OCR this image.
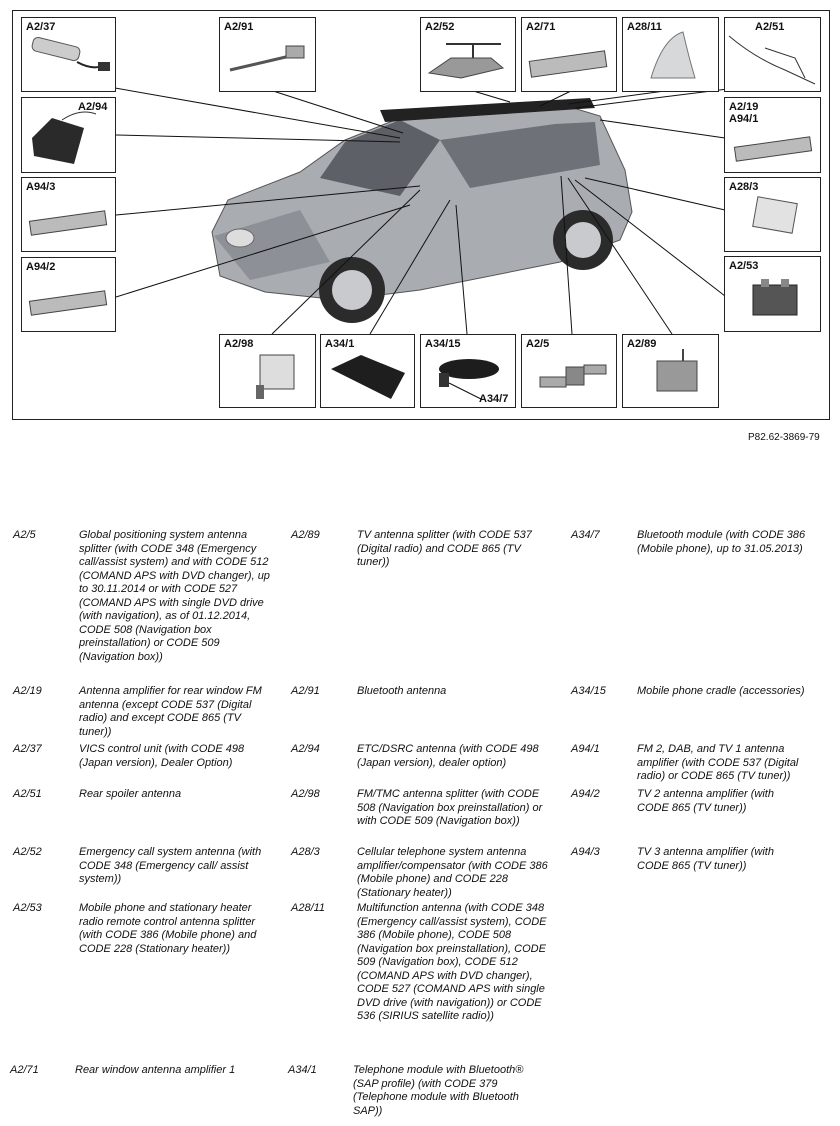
A2/37	A2/91	A2/52	A2/71	A28/11	A2/51
A2/94	A2/19
A94/1
A94/3	A28/3
A94/2	A2/53
A2/98	A34/1	A34/15
A34/7
A2/5	A2/89
P82.62-3869-79
A2/5	Global positioning system antenna splitter (with CODE 348 (Emergency call/assist system) and with CODE 512 (COMAND APS with DVD changer), up to 30.11.2014 or with CODE 527 (COMAND APS with single DVD drive (with navigation), as of 01.12.2014, CODE 508 (Navigation box preinstallation) or CODE 509 (Navigation box))
A2/19	Antenna amplifier for rear window FM antenna (except CODE 537 (Digital radio) and except CODE 865 (TV tuner))
A2/37	VICS control unit (with CODE 498 (Japan version), Dealer Option)
A2/51	Rear spoiler antenna
A2/52	Emergency call system antenna (with CODE 348 (Emergency call/ assist system))
A2/53	Mobile phone and stationary heater radio remote control antenna splitter (with CODE 386 (Mobile phone) and CODE 228 (Stationary heater))
A2/71	Rear window antenna amplifier 1
A2/89	TV antenna splitter (with CODE 537 (Digital radio) and CODE 865 (TV tuner))
A2/91	Bluetooth antenna
A2/94	ETC/DSRC antenna (with CODE 498 (Japan version), dealer option)
A2/98	FM/TMC antenna splitter (with CODE 508 (Navigation box preinstallation) or with CODE 509 (Navigation box))
A28/3	Cellular telephone system antenna amplifier/compensator (with CODE 386 (Mobile phone) and CODE 228 (Stationary heater))
A28/11	Multifunction antenna (with CODE 348 (Emergency call/assist system), CODE 386 (Mobile phone), CODE 508 (Navigation box preinstallation), CODE 509 (Navigation box), CODE 512 (COMAND APS with DVD changer), CODE 527 (COMAND APS with single DVD drive (with navigation)) or CODE 536 (SIRIUS satellite radio))
A34/1	Telephone module with Bluetooth® (SAP profile) (with CODE 379 (Telephone module with Bluetooth SAP))
A34/7	Bluetooth module (with CODE 386 (Mobile phone), up to 31.05.2013)
A34/15	Mobile phone cradle (accessories)
A94/1	FM 2, DAB, and TV 1 antenna amplifier (with CODE 537 (Digital radio) or CODE 865 (TV tuner))
A94/2	TV 2 antenna amplifier (with CODE 865 (TV tuner))
A94/3	TV 3 antenna amplifier (with CODE 865 (TV tuner))
